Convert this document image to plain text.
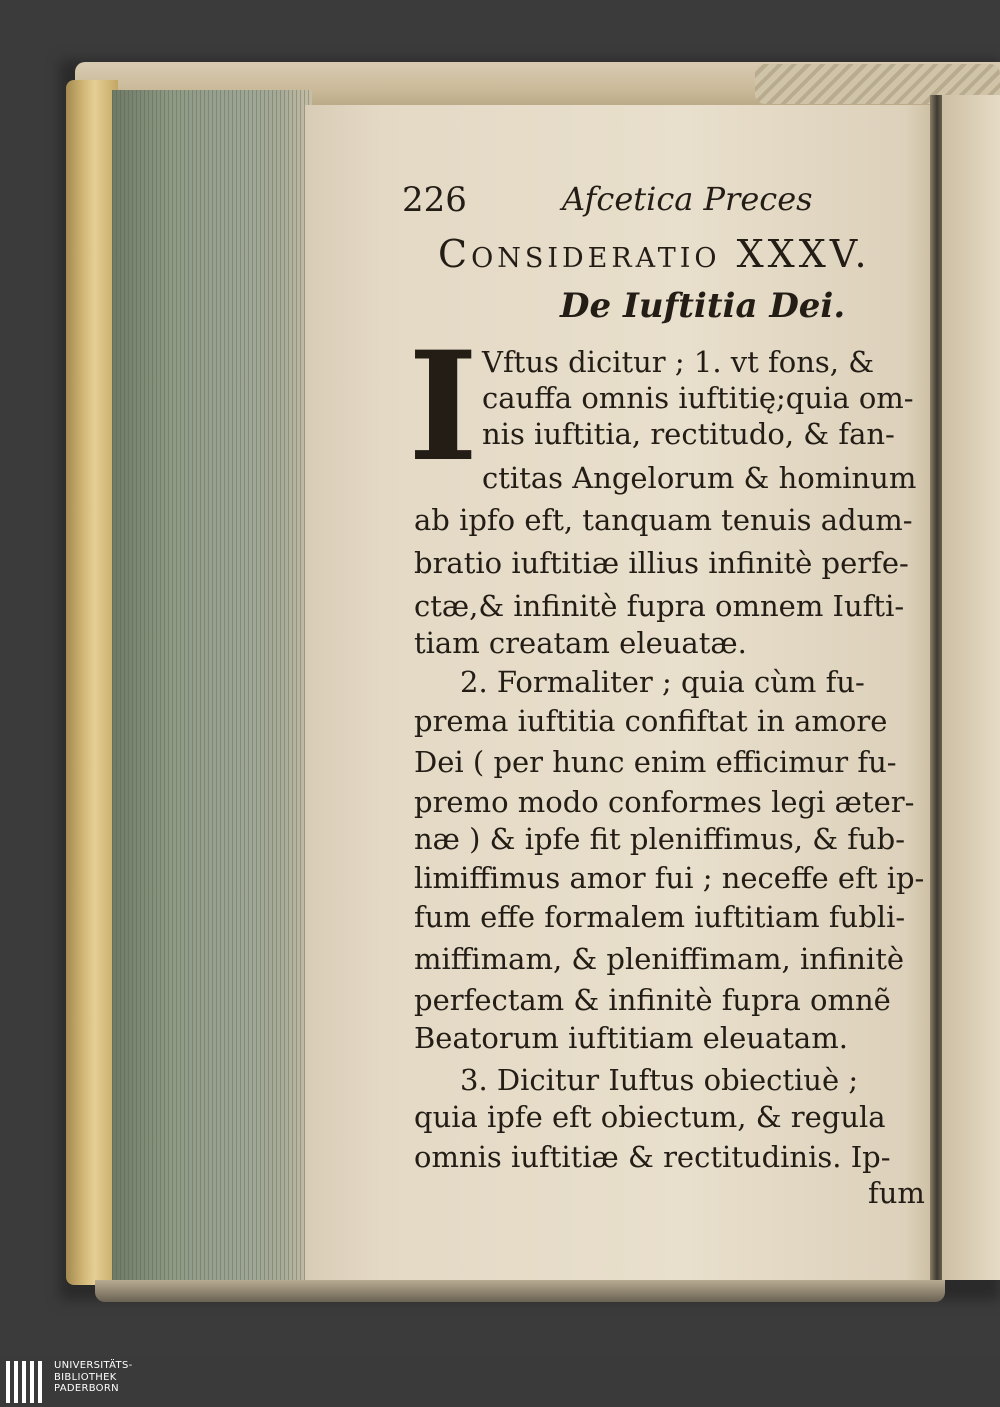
226	Afcetica Preces
Consideratio XXXV.
De Iuftitia Dei.
I Vftus dicitur ; 1. vt fons, &
cauffa omnis iuftitię;quia om-
nis iuftitia, rectitudo, & fan-
ctitas Angelorum & hominum
ab ipfo eft, tanquam tenuis adum-
bratio iuftitiæ illius infinitè perfe-
ctæ,& infinitè fupra omnem Iufti-
tiam creatam eleuatæ.
2. Formaliter ; quia cùm fu-
prema iuftitia confiftat in amore
Dei ( per hunc enim efficimur fu-
premo modo conformes legi æter-
næ ) & ipfe fit pleniffimus, & fub-
limiffimus amor fui ; neceffe eft ip-
fum effe formalem iuftitiam fubli-
miffimam, & pleniffimam, infinitè
perfectam & infinitè fupra omnẽ
Beatorum iuftitiam eleuatam.
3. Dicitur Iuftus obiectiuè ;
quia ipfe eft obiectum, & regula
omnis iuftitiæ & rectitudinis. Ip-
fum
UNIVERSITÄTS-
BIBLIOTHEK
PADERBORN
